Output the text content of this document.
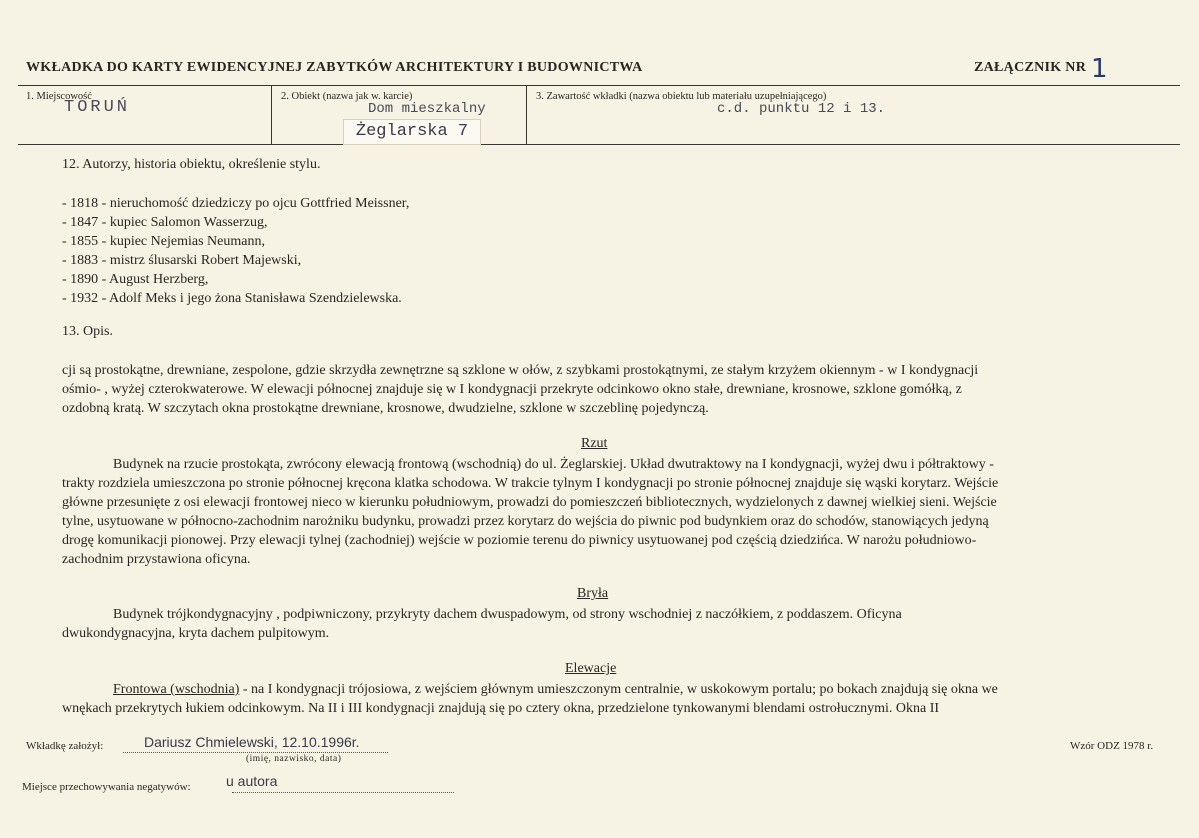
WKŁADKA DO KARTY EWIDENCYJNEJ ZABYTKÓW ARCHITEKTURY I BUDOWNICTWA	ZAŁĄCZNIK NR 1
1. Miejscowość
TORUŃ
2. Obiekt (nazwa jak w. karcie)
Dom mieszkalny
Żeglarska 7
3. Zawartość wkładki (nazwa obiektu lub materiału uzupełniającego)
c.d. punktu 12 i 13.
12. Autorzy, historia obiektu, określenie stylu.
- 1818 - nieruchomość dziedziczy po ojcu Gottfried Meissner,
- 1847 - kupiec Salomon Wasserzug,
- 1855 - kupiec Nejemias Neumann,
- 1883 - mistrz ślusarski Robert Majewski,
- 1890 - August Herzberg,
- 1932 - Adolf Meks i jego żona Stanisława Szendzielewska.
13. Opis.
cji są prostokątne, drewniane, zespolone, gdzie skrzydła zewnętrzne są szklone w ołów, z szybkami prostokątnymi, ze stałym krzyżem okiennym - w I kondygnacji
ośmio- , wyżej czterokwaterowe. W elewacji północnej znajduje się w I kondygnacji przekryte odcinkowo okno stałe, drewniane, krosnowe, szklone gomółką, z
ozdobną kratą. W szczytach okna prostokątne drewniane, krosnowe, dwudzielne, szklone w szczeblinę pojedynczą.
Rzut
Budynek na rzucie prostokąta, zwrócony elewacją frontową (wschodnią) do ul. Żeglarskiej. Układ dwutraktowy na I kondygnacji, wyżej dwu i półtraktowy -
trakty rozdziela umieszczona po stronie północnej kręcona klatka schodowa. W trakcie tylnym I kondygnacji po stronie północnej znajduje się wąski korytarz. Wejście
główne przesunięte z osi elewacji frontowej nieco w kierunku południowym, prowadzi do pomieszczeń bibliotecznych, wydzielonych z dawnej wielkiej sieni. Wejście
tylne, usytuowane w północno-zachodnim narożniku budynku, prowadzi przez korytarz do wejścia do piwnic pod budynkiem oraz do schodów, stanowiących jedyną
drogę komunikacji pionowej. Przy elewacji tylnej (zachodniej) wejście w poziomie terenu do piwnicy usytuowanej pod częścią dziedzińca. W narożu południowo-
zachodnim przystawiona oficyna.
Bryła
Budynek trójkondygnacyjny , podpiwniczony, przykryty dachem dwuspadowym, od strony wschodniej z naczółkiem, z poddaszem. Oficyna
dwukondygnacyjna, kryta dachem pulpitowym.
Elewacje
Frontowa (wschodnia) - na I kondygnacji trójosiowa, z wejściem głównym umieszczonym centralnie, w uskokowym portalu; po bokach znajdują się okna we
wnękach przekrytych łukiem odcinkowym. Na II i III kondygnacji znajdują się po cztery okna, przedzielone tynkowanymi blendami ostrołucznymi. Okna II
Wkładkę założył:	Dariusz Chmielewski, 12.10.1996r.
(imię, nazwisko, data)
Wzór ODZ 1978 r.
Miejsce przechowywania negatywów:	u autora
